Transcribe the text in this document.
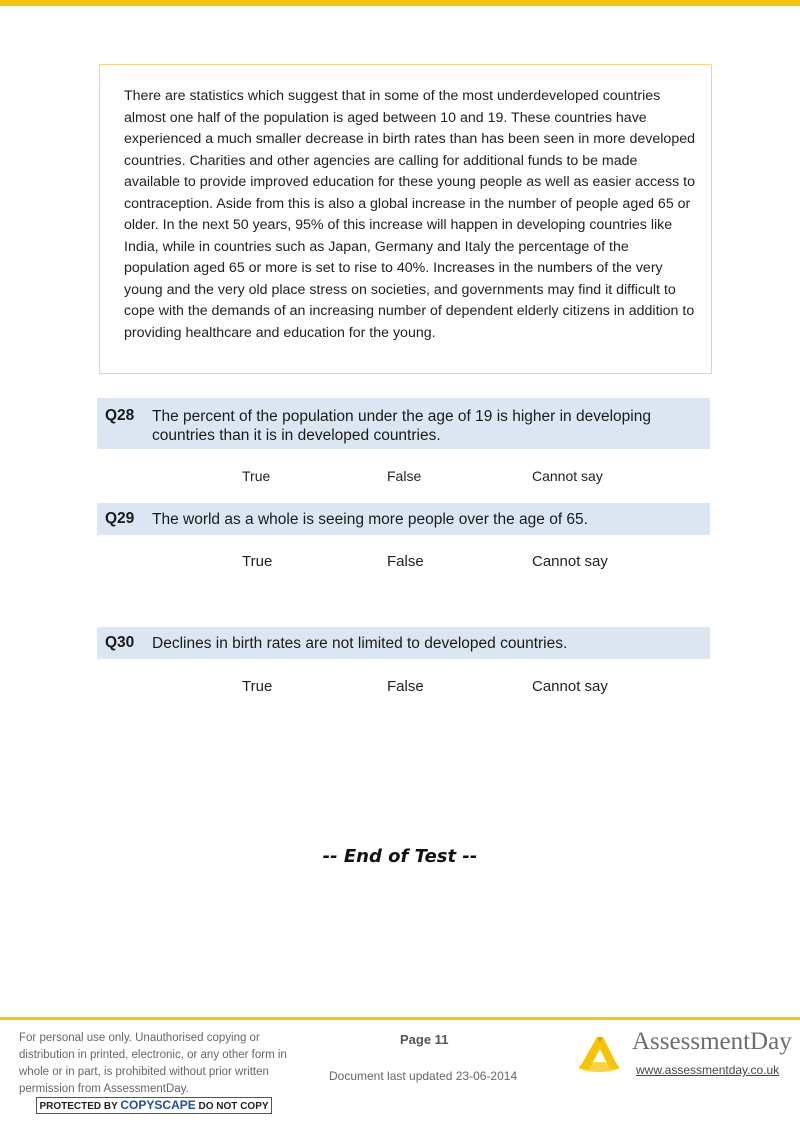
There are statistics which suggest that in some of the most underdeveloped countries almost one half of the population is aged between 10 and 19. These countries have experienced a much smaller decrease in birth rates than has been seen in more developed countries. Charities and other agencies are calling for additional funds to be made available to provide improved education for these young people as well as easier access to contraception. Aside from this is also a global increase in the number of people aged 65 or older. In the next 50 years, 95% of this increase will happen in developing countries like India, while in countries such as Japan, Germany and Italy the percentage of the population aged 65 or more is set to rise to 40%. Increases in the numbers of the very young and the very old place stress on societies, and governments may find it difficult to cope with the demands of an increasing number of dependent elderly citizens in addition to providing healthcare and education for the young.
Q28 The percent of the population under the age of 19 is higher in developing countries than it is in developed countries.
True	False	Cannot say
Q29 The world as a whole is seeing more people over the age of 65.
True	False	Cannot say
Q30 Declines in birth rates are not limited to developed countries.
True	False	Cannot say
-- End of Test --
For personal use only. Unauthorised copying or distribution in printed, electronic, or any other form in whole or in part, is prohibited without prior written permission from AssessmentDay.
PROTECTED BY COPYSCAPE DO NOT COPY
Page 11
Document last updated 23-06-2014
AssessmentDay
www.assessmentday.co.uk
